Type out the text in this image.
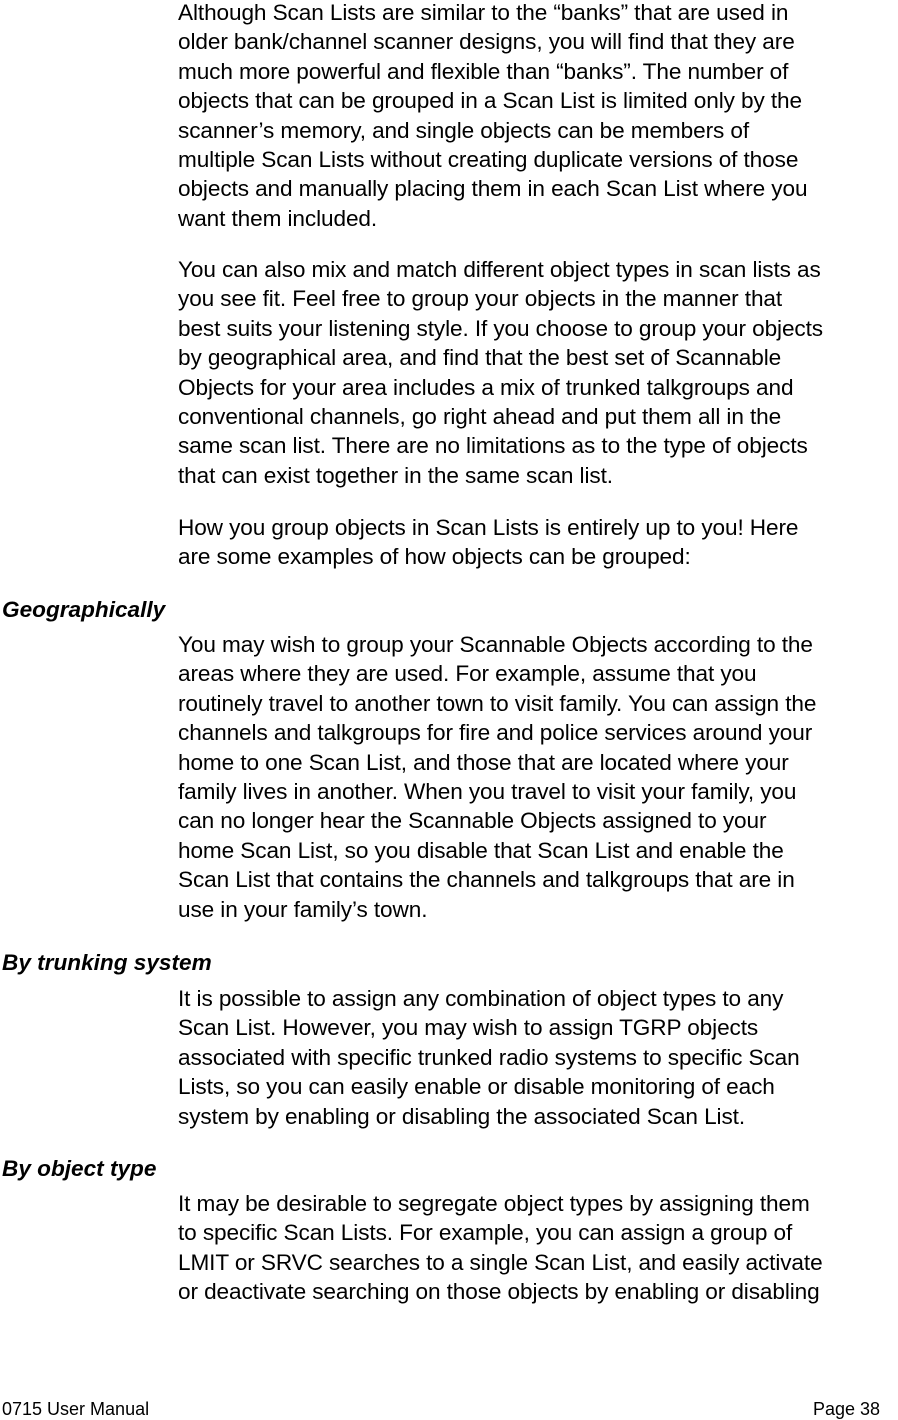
Although Scan Lists are similar to the “banks” that are used in
older bank/channel scanner designs, you will find that they are
much more powerful and flexible than “banks”. The number of
objects that can be grouped in a Scan List is limited only by the
scanner’s memory, and single objects can be members of
multiple Scan Lists without creating duplicate versions of those
objects and manually placing them in each Scan List where you
want them included.
You can also mix and match different object types in scan lists as
you see fit. Feel free to group your objects in the manner that
best suits your listening style. If you choose to group your objects
by geographical area, and find that the best set of Scannable
Objects for your area includes a mix of trunked talkgroups and
conventional channels, go right ahead and put them all in the
same scan list. There are no limitations as to the type of objects
that can exist together in the same scan list.
How you group objects in Scan Lists is entirely up to you! Here
are some examples of how objects can be grouped:
Geographically
You may wish to group your Scannable Objects according to the
areas where they are used. For example, assume that you
routinely travel to another town to visit family. You can assign the
channels and talkgroups for fire and police services around your
home to one Scan List, and those that are located where your
family lives in another. When you travel to visit your family, you
can no longer hear the Scannable Objects assigned to your
home Scan List, so you disable that Scan List and enable the
Scan List that contains the channels and talkgroups that are in
use in your family’s town.
By trunking system
It is possible to assign any combination of object types to any
Scan List. However, you may wish to assign TGRP objects
associated with specific trunked radio systems to specific Scan
Lists, so you can easily enable or disable monitoring of each
system by enabling or disabling the associated Scan List.
By object type
It may be desirable to segregate object types by assigning them
to specific Scan Lists. For example, you can assign a group of
LMIT or SRVC searches to a single Scan List, and easily activate
or deactivate searching on those objects by enabling or disabling
0715 User Manual	Page 38
